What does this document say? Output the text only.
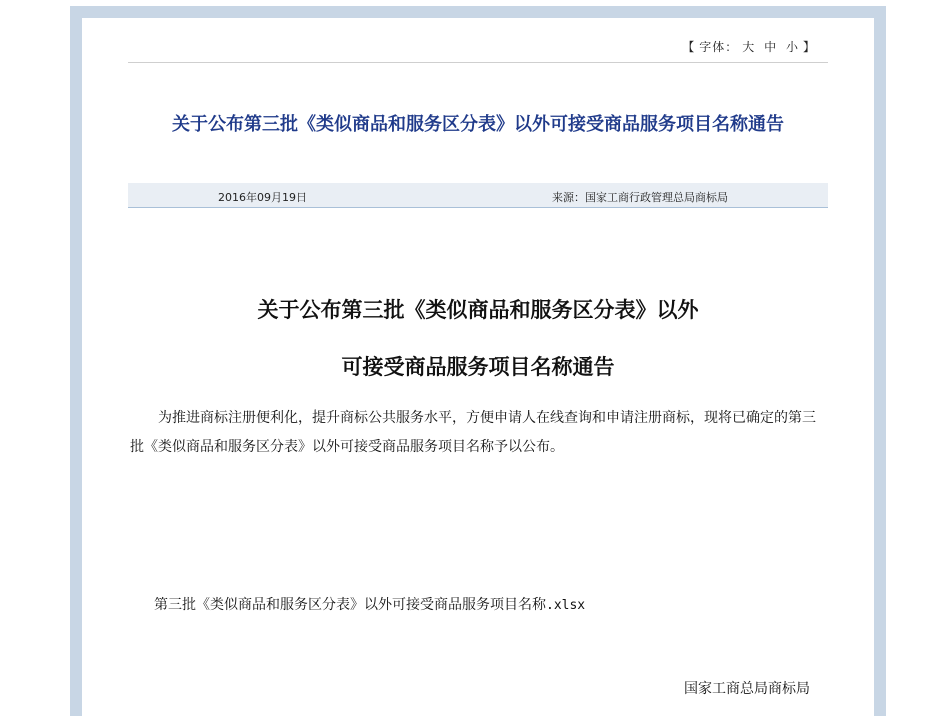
【 字体： 大 中 小 】
关于公布第三批《类似商品和服务区分表》以外可接受商品服务项目名称通告
2016年09月19日	来源：国家工商行政管理总局商标局
关于公布第三批《类似商品和服务区分表》以外
可接受商品服务项目名称通告

为推进商标注册便利化，提升商标公共服务水平，方便申请人在线查询和申请注册商标，现将已确定的第三批《类似商品和服务区分表》以外可接受商品服务项目名称予以公布。

第三批《类似商品和服务区分表》以外可接受商品服务项目名称.xlsx
国家工商总局商标局
